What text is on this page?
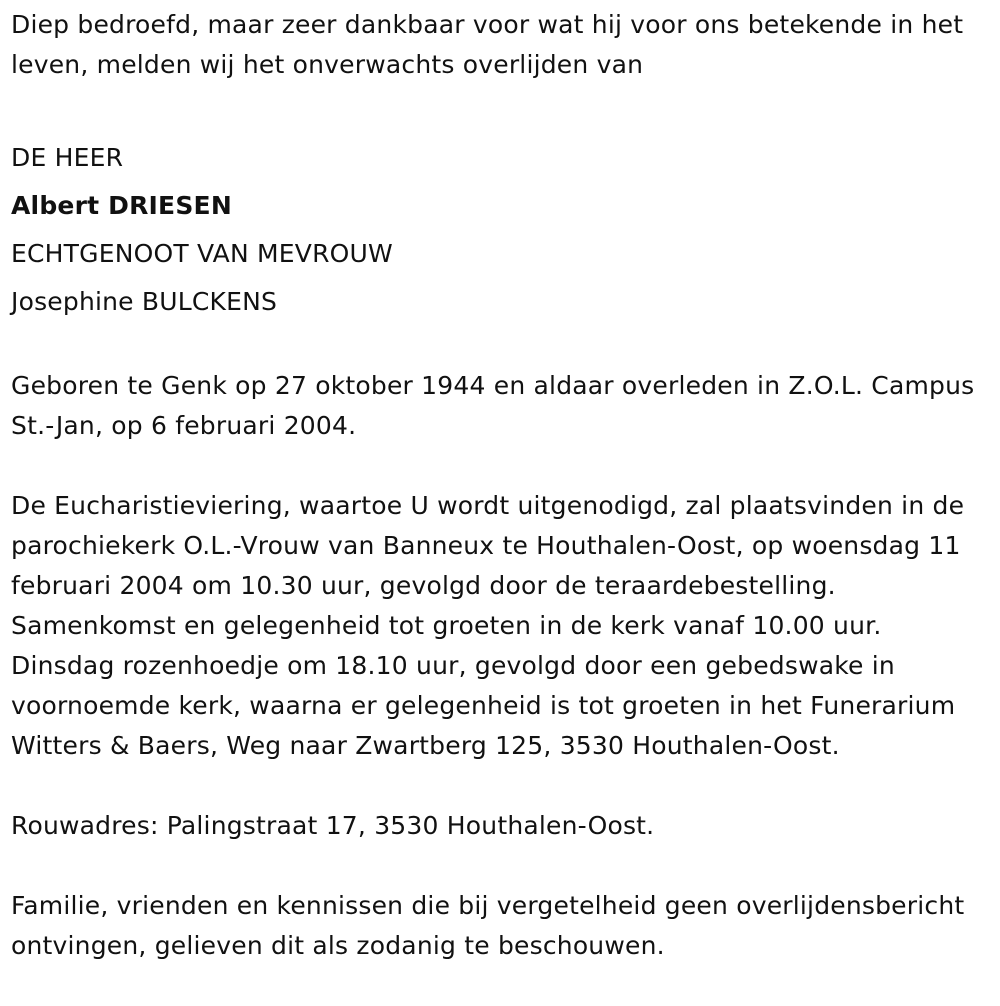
Diep bedroefd, maar zeer dankbaar voor wat hij voor ons betekende in het leven, melden wij het onverwachts overlijden van

DE HEER

Albert DRIESEN

ECHTGENOOT VAN MEVROUW

Josephine BULCKENS

Geboren te Genk op 27 oktober 1944 en aldaar overleden in Z.O.L. Campus St.-Jan, op 6 februari 2004.

De Eucharistieviering, waartoe U wordt uitgenodigd, zal plaatsvinden in de parochiekerk O.L.-Vrouw van Banneux te Houthalen-Oost, op woensdag 11 februari 2004 om 10.30 uur, gevolgd door de teraardebestelling. Samenkomst en gelegenheid tot groeten in de kerk vanaf 10.00 uur. Dinsdag rozenhoedje om 18.10 uur, gevolgd door een gebedswake in voornoemde kerk, waarna er gelegenheid is tot groeten in het Funerarium Witters & Baers, Weg naar Zwartberg 125, 3530 Houthalen-Oost.

Rouwadres: Palingstraat 17, 3530 Houthalen-Oost.

Familie, vrienden en kennissen die bij vergetelheid geen overlijdensbericht ontvingen, gelieven dit als zodanig te beschouwen.
